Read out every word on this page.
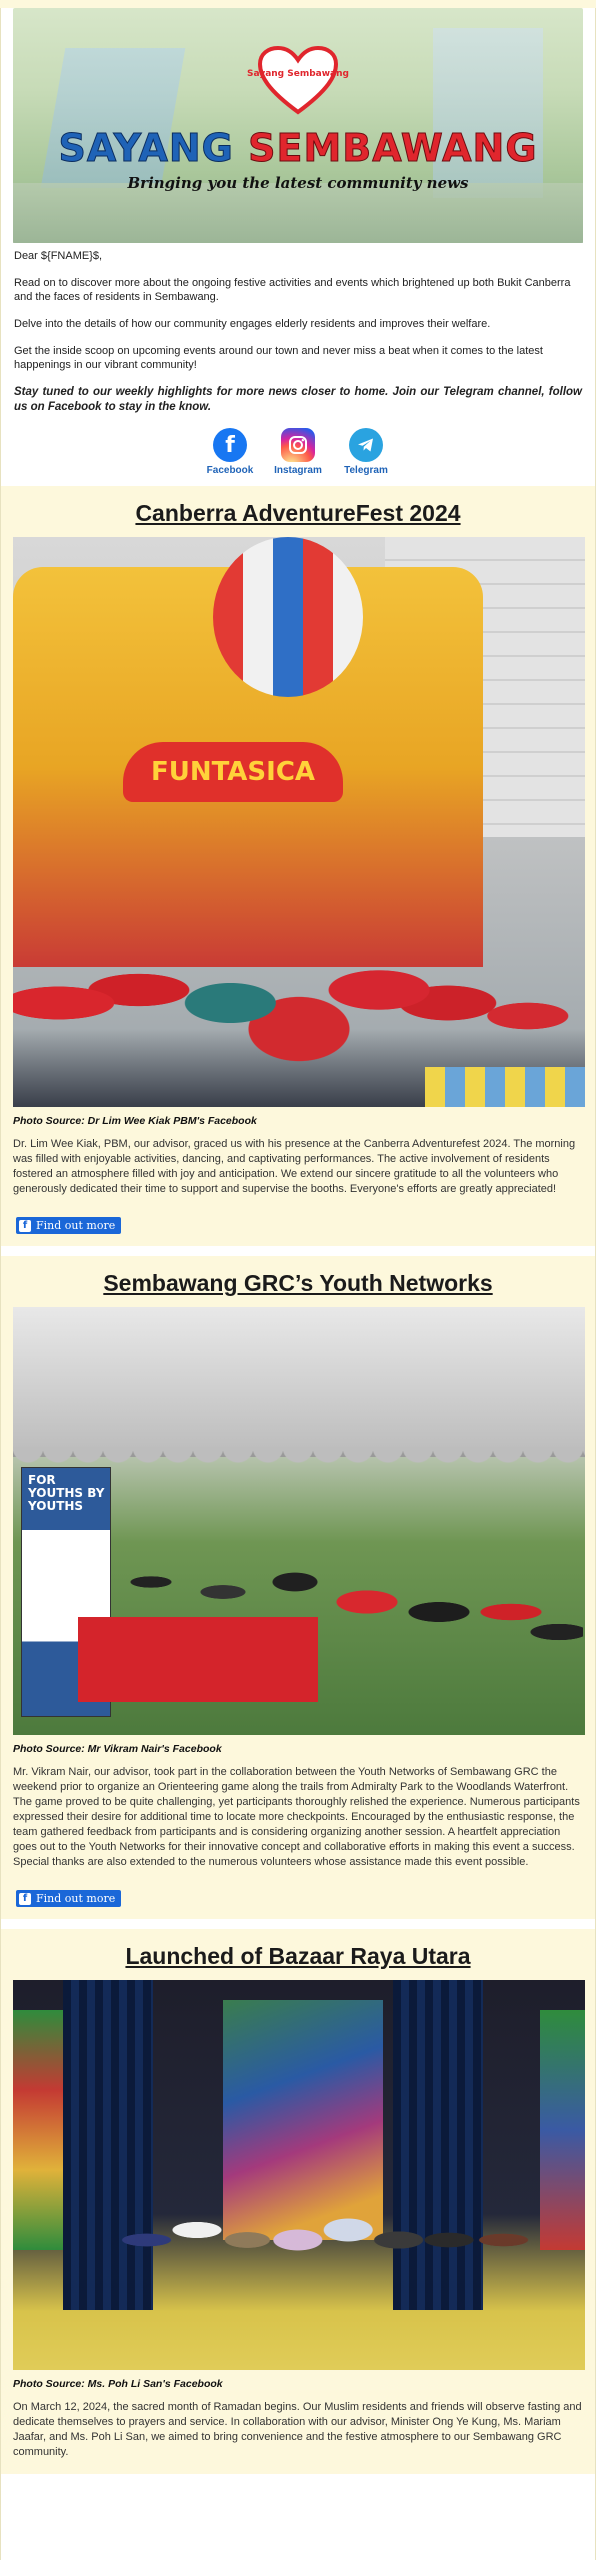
Sayang Sembawang
SAYANG SEMBAWANG
Bringing you the latest community news

Dear ${FNAME}$,

Read on to discover more about the ongoing festive activities and events which brightened up both Bukit Canberra and the faces of residents in Sembawang.

Delve into the details of how our community engages elderly residents and improves their welfare.

Get the inside scoop on upcoming events around our town and never miss a beat when it comes to the latest happenings in our vibrant community!

Stay tuned to our weekly highlights for more news closer to home. Join our Telegram channel, follow us on Facebook to stay in the know.

f
Facebook Instagram	Telegram
Canberra AdventureFest 2024
FUNTASICA
Photo Source: Dr Lim Wee Kiak PBM's Facebook

Dr. Lim Wee Kiak, PBM, our advisor, graced us with his presence at the Canberra Adventurefest 2024. The morning was filled with enjoyable activities, dancing, and captivating performances. The active involvement of residents fostered an atmosphere filled with joy and anticipation. We extend our sincere gratitude to all the volunteers who generously dedicated their time to support and supervise the booths. Everyone's efforts are greatly appreciated!

f Find out more
Sembawang GRC’s Youth Networks
FOR YOUTHS BY YOUTHS
Photo Source: Mr Vikram Nair's Facebook

Mr. Vikram Nair, our advisor, took part in the collaboration between the Youth Networks of Sembawang GRC the weekend prior to organize an Orienteering game along the trails from Admiralty Park to the Woodlands Waterfront. The game proved to be quite challenging, yet participants thoroughly relished the experience. Numerous participants expressed their desire for additional time to locate more checkpoints. Encouraged by the enthusiastic response, the team gathered feedback from participants and is considering organizing another session. A heartfelt appreciation goes out to the Youth Networks for their innovative concept and collaborative efforts in making this event a success. Special thanks are also extended to the numerous volunteers whose assistance made this event possible.

f Find out more
Launched of Bazaar Raya Utara
Photo Source: Ms. Poh Li San's Facebook

On March 12, 2024, the sacred month of Ramadan begins. Our Muslim residents and friends will observe fasting and dedicate themselves to prayers and service. In collaboration with our advisor, Minister Ong Ye Kung, Ms. Mariam Jaafar, and Ms. Poh Li San, we aimed to bring convenience and the festive atmosphere to our Sembawang GRC community.
